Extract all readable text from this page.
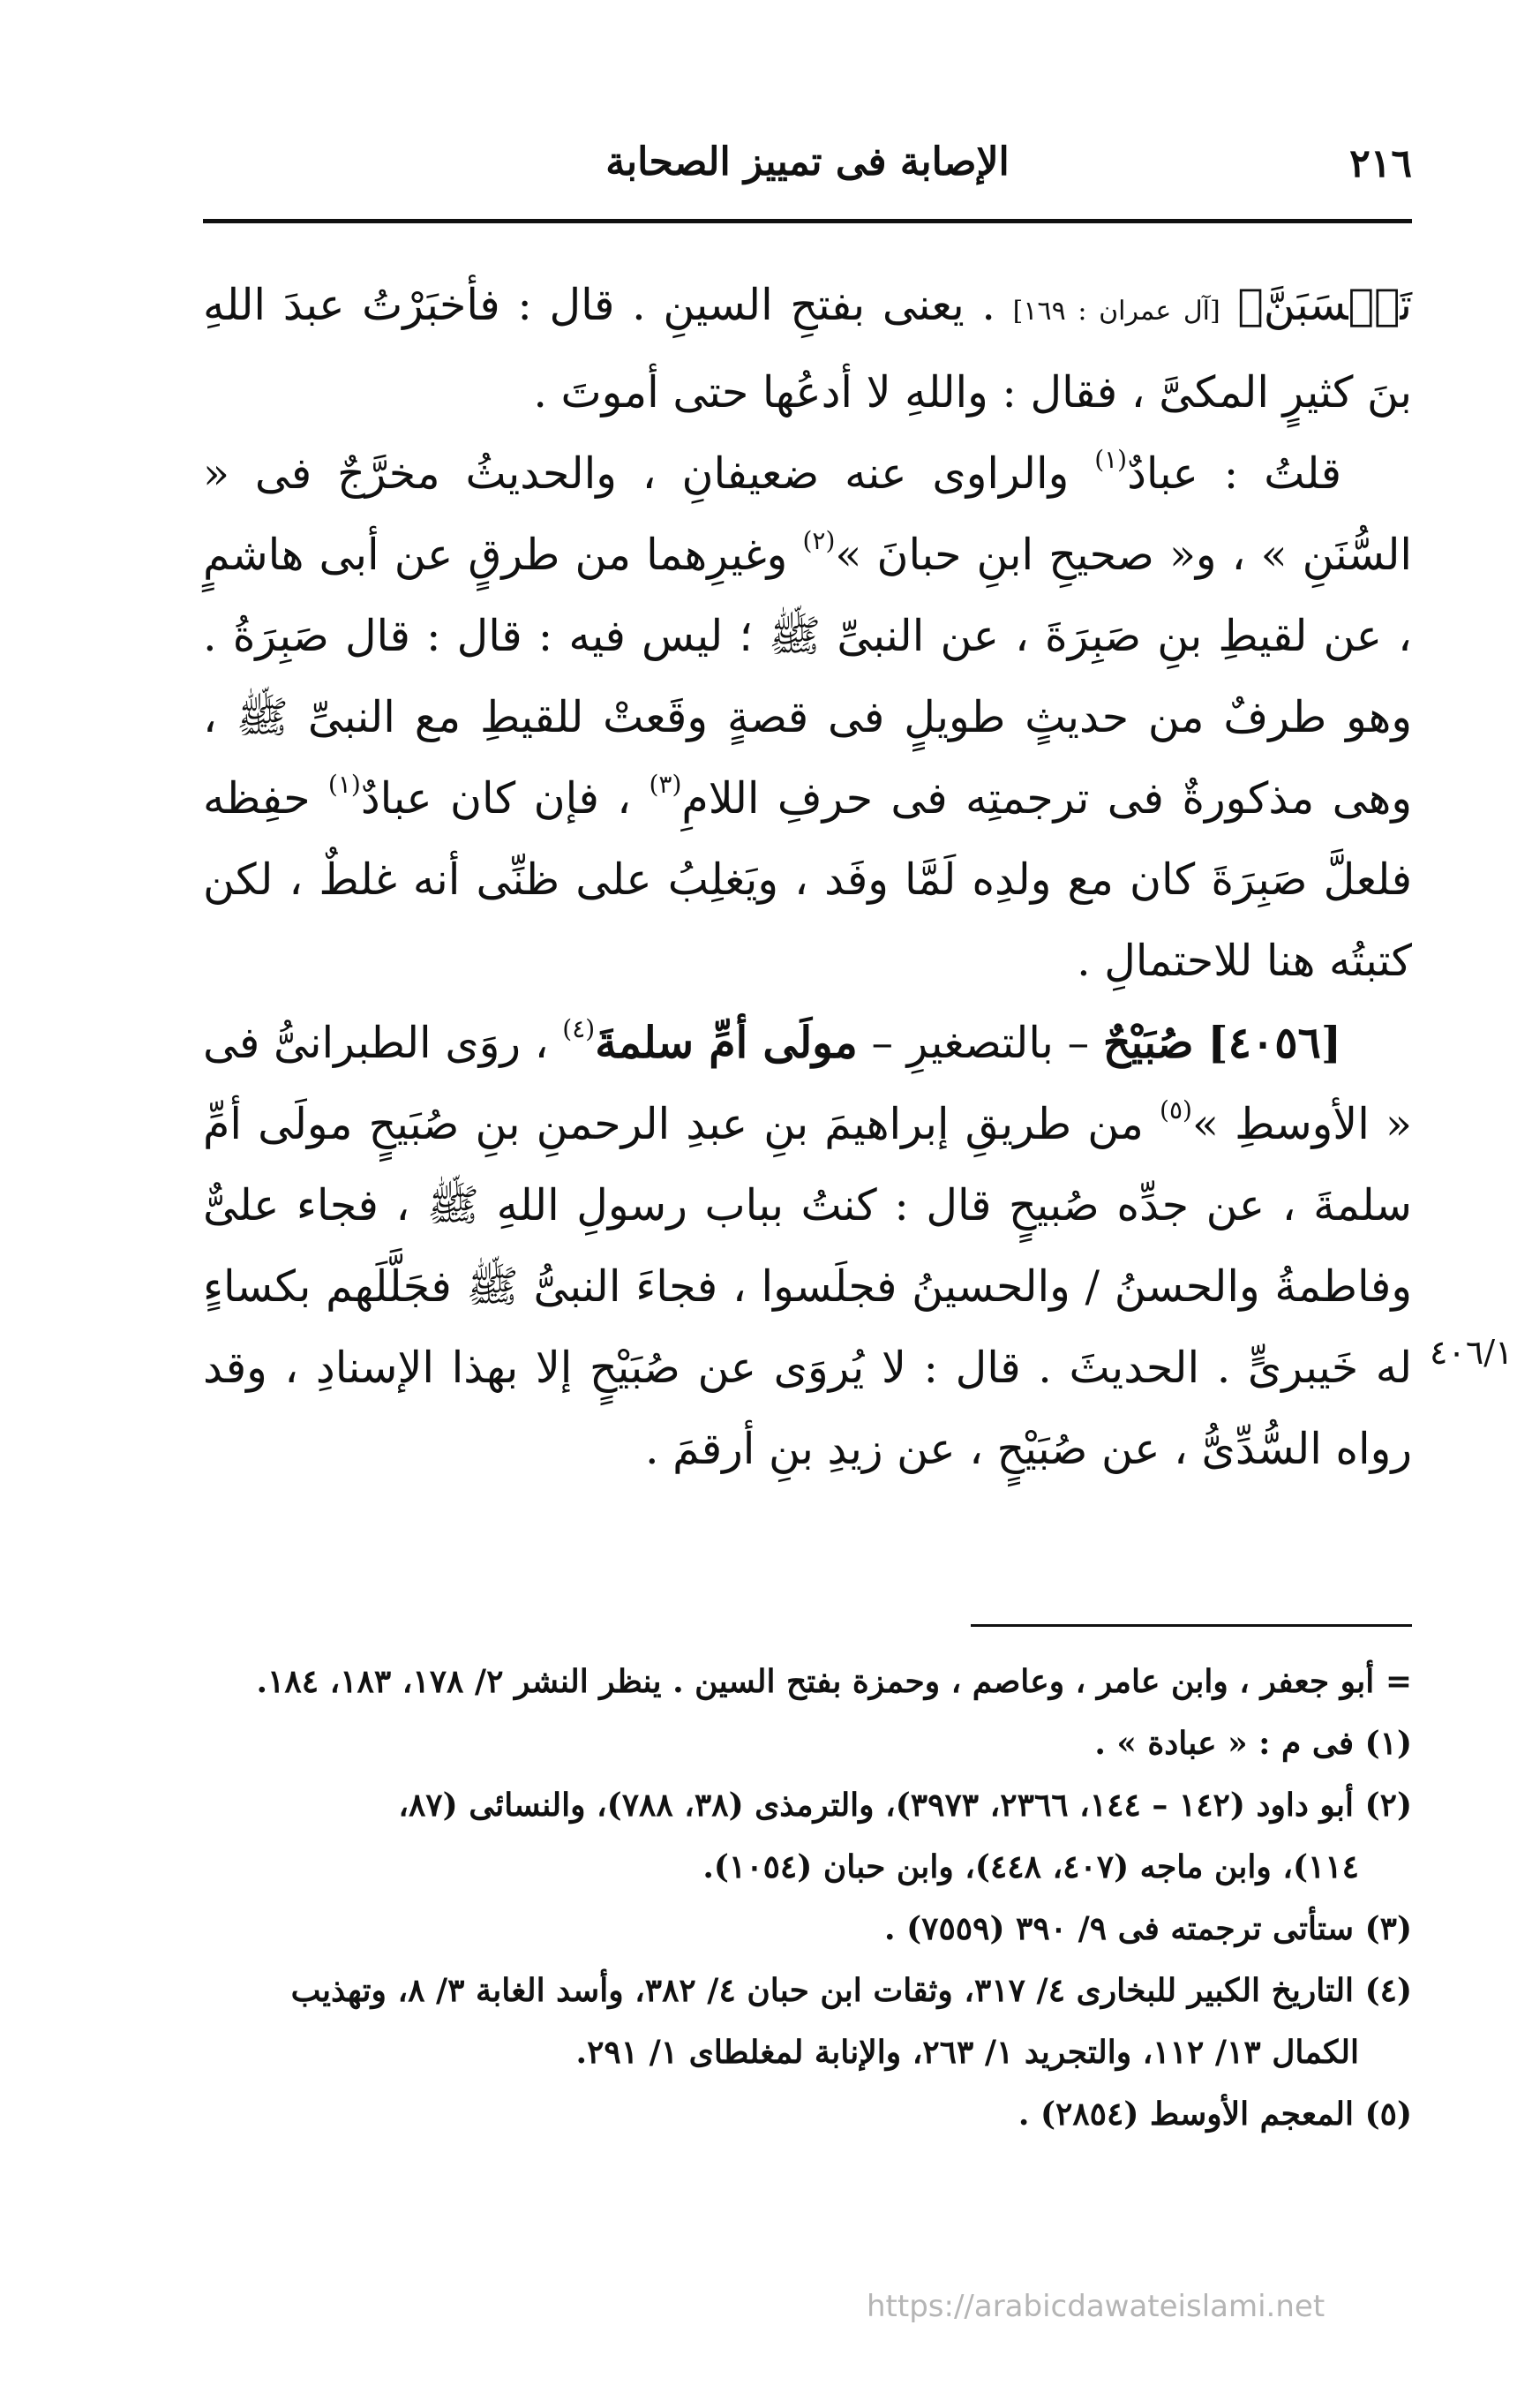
٢١٦
الإصابة فى تمييز الصحابة

تَحۡسَبَنَّ﴾ [آل عمران : ١٦٩] . يعنى بفتحِ السينِ . قال : فأخبَرْتُ عبدَ اللهِ بنَ كثيرٍ المكىَّ ، فقال : واللهِ لا أدعُها حتى أموتَ .

قلتُ : عبادٌ$^{(١)}$ والراوى عنه ضعيفانِ ، والحديثُ مخرَّجٌ فى « السُّنَنِ » ، و« صحيحِ ابنِ حبانَ »$^{(٢)}$ وغيرِهما من طرقٍ عن أبى هاشمٍ ، عن لقيطِ بنِ صَبِرَةَ ، عن النبىِّ ﷺ ؛ ليس فيه : قال : قال صَبِرَةُ . وهو طرفٌ من حديثٍ طويلٍ فى قصةٍ وقَعتْ للقيطِ مع النبىِّ ﷺ ، وهى مذكورةٌ فى ترجمتِه فى حرفِ اللامِ$^{(٣)}$ ، فإن كان عبادٌ$^{(١)}$ حفِظه فلعلَّ صَبِرَةَ كان مع ولدِه لَمَّا وفَد ، ويَغلِبُ على ظنِّى أنه غلطٌ ، لكن كتبتُه هنا للاحتمالِ .

[٤٠٥٦] صُبَيْحٌ – بالتصغيرِ – مولَى أمِّ سلمةَ$^{(٤)}$ ، روَى الطبرانىُّ فى « الأوسطِ »$^{(٥)}$ من طريقِ إبراهيمَ بنِ عبدِ الرحمنِ بنِ صُبَيحٍ مولَى أمِّ سلمةَ ، عن جدِّه صُبيحٍ قال : كنتُ بباب رسولِ اللهِ ﷺ ، فجاء علىٌّ وفاطمةُ والحسنُ / والحسينُ فجلَسوا ، فجاءَ النبىُّ ﷺ فجَلَّلَهم بكساءٍ له خَيبرىٍّ . الحديثَ . قال : لا يُروَى عن صُبَيْحٍ إلا بهذا الإسنادِ ، وقد رواه السُّدِّىُّ ، عن صُبَيْحٍ ، عن زيدِ بنِ أرقمَ .

٤٠٦/١

= أبو جعفر ، وابن عامر ، وعاصم ، وحمزة بفتح السين . ينظر النشر ٢/ ١٧٨، ١٨٣، ١٨٤.

(١) فى م : « عبادة » .

(٢) أبو داود (١٤٢ – ١٤٤، ٢٣٦٦، ٣٩٧٣)، والترمذى (٣٨، ٧٨٨)، والنسائى (٨٧،

١١٤)، وابن ماجه (٤٠٧، ٤٤٨)، وابن حبان (١٠٥٤).

(٣) ستأتى ترجمته فى ٩/ ٣٩٠ (٧٥٥٩) .

(٤) التاريخ الكبير للبخارى ٤/ ٣١٧، وثقات ابن حبان ٤/ ٣٨٢، وأسد الغابة ٣/ ٨، وتهذيب

الكمال ١٣/ ١١٢، والتجريد ١/ ٢٦٣، والإنابة لمغلطاى ١/ ٢٩١.

(٥) المعجم الأوسط (٢٨٥٤) .

https://arabicdawateislami.net
